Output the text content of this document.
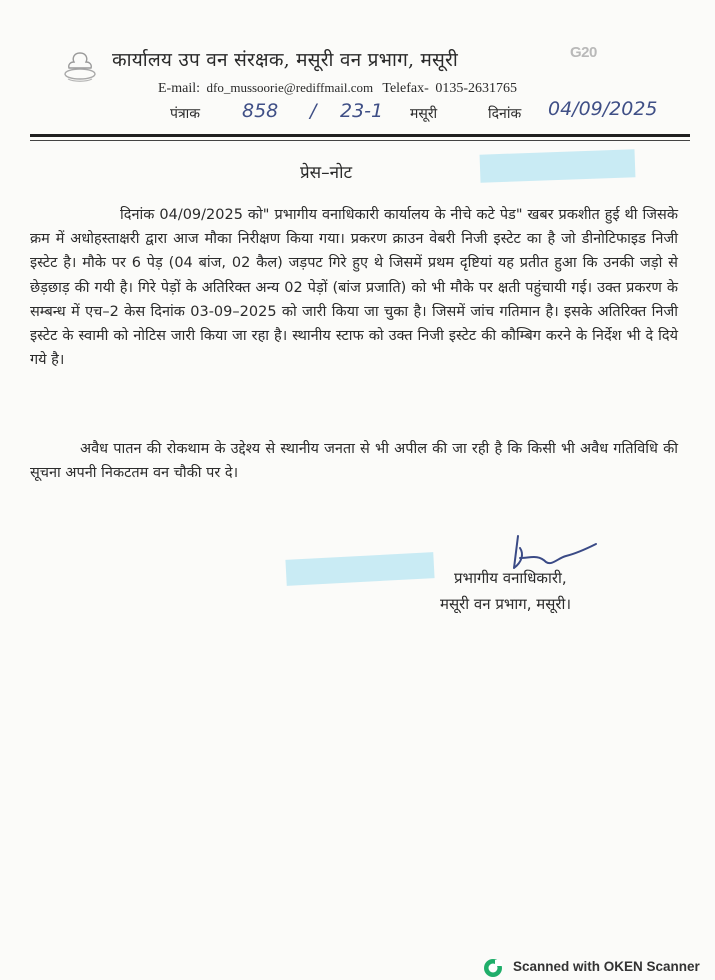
कार्यालय उप वन संरक्षक, मसूरी वन प्रभाग, मसूरी	G20
E-mail: dfo_mussoorie@rediffmail.com Telefax- 0135-2631765
पंत्राक 858 / 23-1 मसूरी	दिनांक 04/09/2025
प्रेस–नोट

दिनांक 04/09/2025 को" प्रभागीय वनाधिकारी कार्यालय के नीचे कटे पेड" खबर प्रकशीत हुई थी जिसके क्रम में अधोहस्ताक्षरी द्वारा आज मौका निरीक्षण किया गया। प्रकरण क्राउन वेबरी निजी इस्टेट का है जो डीनोटिफाइड निजी इस्टेट है। मौके पर 6 पेड़ (04 बांज, 02 कैल) जड़पट गिरे हुए थे जिसमें प्रथम दृष्टियां यह प्रतीत हुआ कि उनकी जड़ो से छेड़छाड़ की गयी है। गिरे पेड़ों के अतिरिक्त अन्य 02 पेड़ों (बांज प्रजाति) को भी मौके पर क्षती पहुंचायी गई। उक्त प्रकरण के सम्बन्ध में एच–2 केस दिनांक 03-09–2025 को जारी किया जा चुका है। जिसमें जांच गतिमान है। इसके अतिरिक्त निजी इस्टेट के स्वामी को नोटिस जारी किया जा रहा है। स्थानीय स्टाफ को उक्त निजी इस्टेट की कौम्बिग करने के निर्देश भी दे दिये गये है।

अवैध पातन की रोकथाम के उद्देश्य से स्थानीय जनता से भी अपील की जा रही है कि किसी भी अवैध गतिविधि की सूचना अपनी निकटतम वन चौकी पर दे।

प्रभागीय वनाधिकारी,
मसूरी वन प्रभाग, मसूरी।
Scanned with OKEN Scanner
